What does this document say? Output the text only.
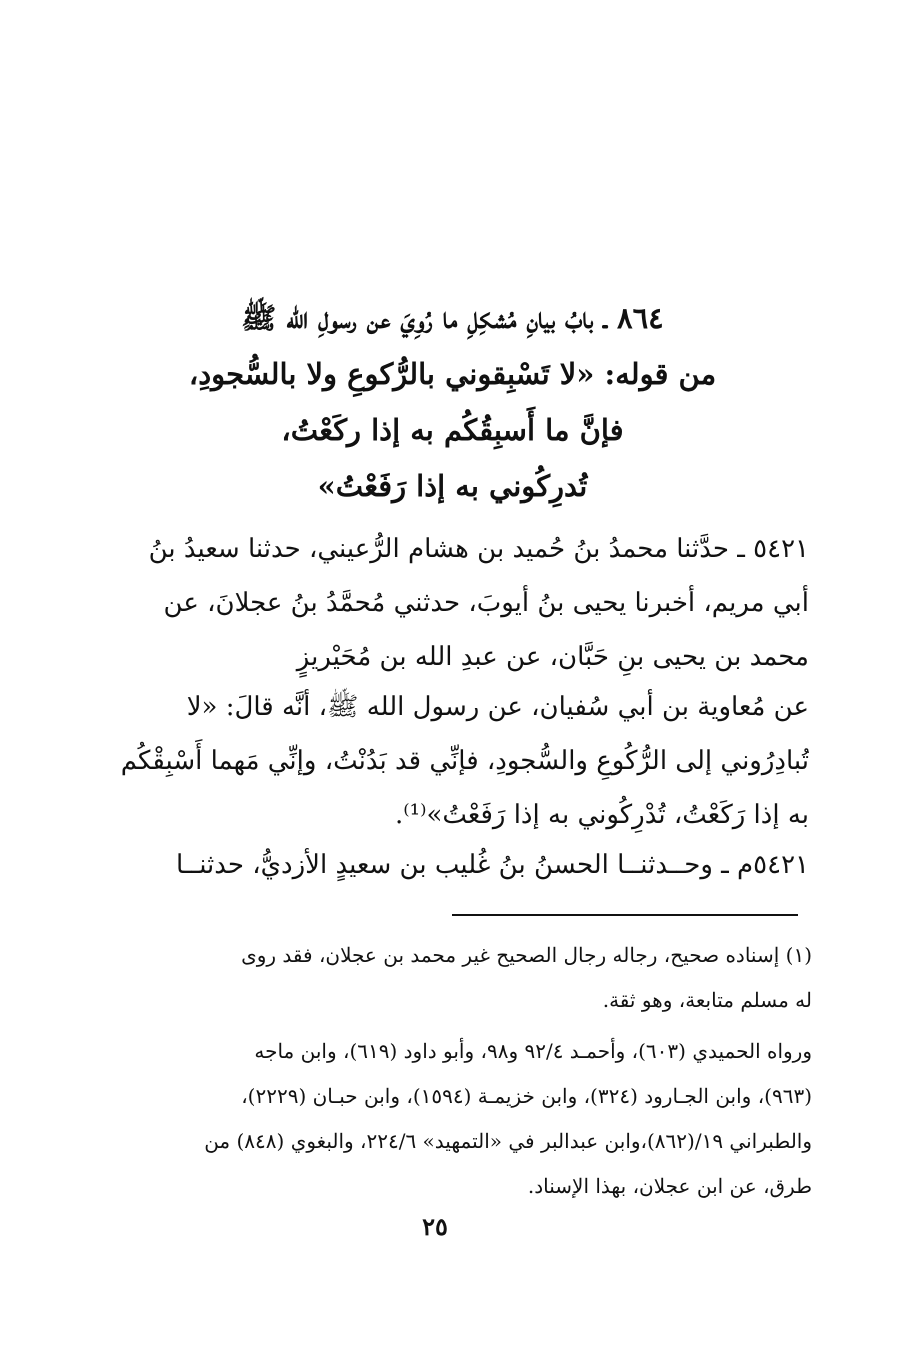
٨٦٤ ـ بابُ بيانِ مُشكِلِ ما رُوِيَ عن رسولِ الله ﷺ
من قوله: «لا تَسْبِقوني بالرُّكوعِ ولا بالسُّجودِ،
فإنَّ ما أَسبِقُكُم به إذا ركَعْتُ،
تُدرِكُوني به إذا رَفَعْتُ»
٥٤٢١ ـ حدَّثنا محمدُ بنُ حُميد بن هشام الرُّعيني، حدثنا سعيدُ بنُ
أبي مريم، أخبرنا يحيى بنُ أيوبَ، حدثني مُحمَّدُ بنُ عجلانَ، عن
محمد بن يحيى بنِ حَبَّان، عن عبدِ الله بن مُحَيْريزٍ
عن مُعاوية بن أبي سُفيان، عن رسول الله ﷺ، أنَّه قالَ: «لا
تُبادِرُوني إلى الرُّكُوعِ والسُّجودِ، فإنِّي قد بَدُنْتُ، وإنِّي مَهما أَسْبِقْكُم
به إذا رَكَعْتُ، تُدْرِكُوني به إذا رَفَعْتُ»⁽¹⁾.
٥٤٢١م ـ وحــدثنــا الحسنُ بنُ غُليب بن سعيدٍ الأزديُّ، حدثنــا
(١) إسناده صحيح، رجاله رجال الصحيح غير محمد بن عجلان، فقد روى
له مسلم متابعة، وهو ثقة.
ورواه الحميدي (٦٠٣)، وأحمـد ٩٢/٤ و٩٨، وأبو داود (٦١٩)، وابن ماجه
(٩٦٣)، وابن الجـارود (٣٢٤)، وابن خزيمـة (١٥٩٤)، وابن حبـان (٢٢٢٩)،
والطبراني ١٩/(٨٦٢)،وابن عبدالبر في «التمهيد» ٢٢٤/٦، والبغوي (٨٤٨) من
طرق، عن ابن عجلان، بهذا الإسناد.
٢٥
